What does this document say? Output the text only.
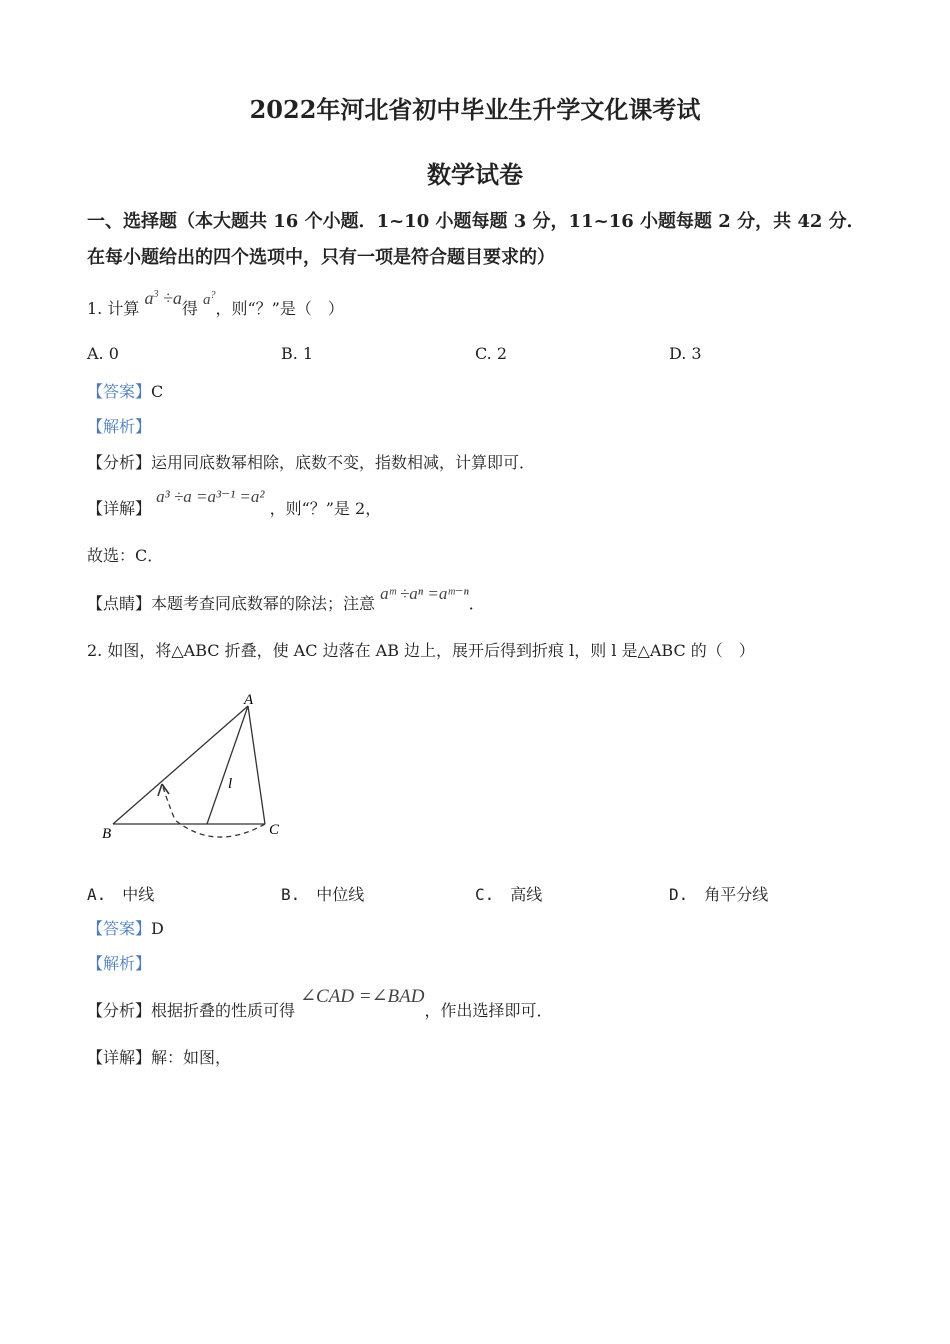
2022年河北省初中毕业生升学文化课考试
数学试卷
一、选择题（本大题共 16 个小题．1~10 小题每题 3 分，11~16 小题每题 2 分，共 42 分．在每小题给出的四个选项中，只有一项是符合题目要求的）
1. 计算 $a^3 \div a$得 a?，则“？”是（　）
A. 0	B. 1	C. 2	D. 3
【答案】C
【解析】
【分析】运用同底数幂相除，底数不变，指数相减，计算即可．
【详解】 a³ ÷a =a³⁻¹ =a² ，则“？”是 2，
故选：C．
【点睛】本题考查同底数幂的除法；注意 aᵐ ÷aⁿ =aᵐ⁻ⁿ．
2. 如图，将△ABC 折叠，使 AC 边落在 AB 边上，展开后得到折痕 l，则 l 是△ABC 的（　）
A
B	C
l
A.　中线	B.　中位线	C.　高线	D.　角平分线
【答案】D
【解析】
【分析】根据折叠的性质可得 ∠CAD =∠BAD，作出选择即可．
【详解】解：如图，
